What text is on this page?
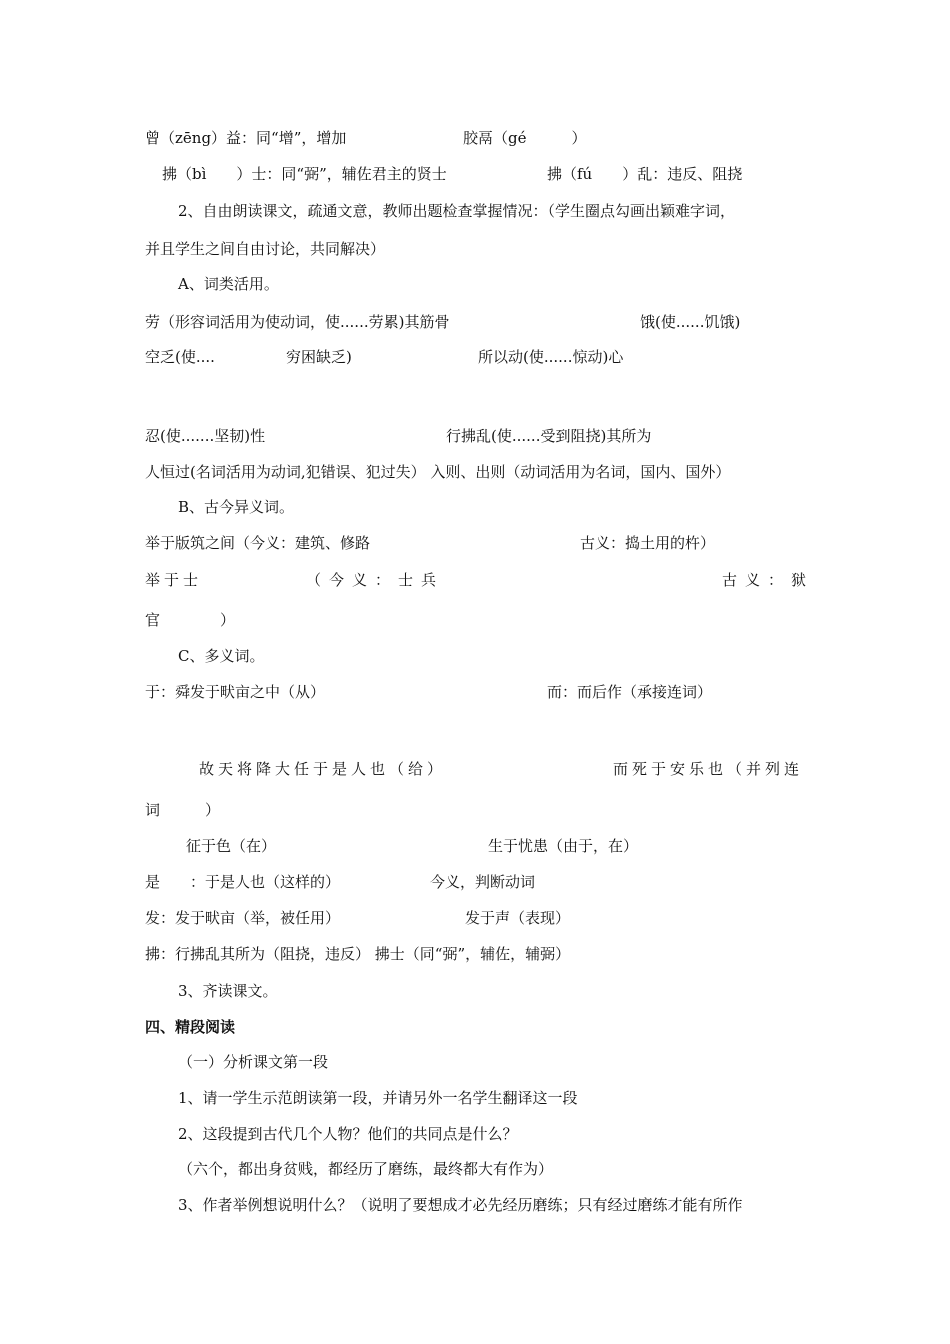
曾（zēng）益：同“增”，增加	胶鬲（gé　　　）
拂（bì　　）士：同“弼”，辅佐君主的贤士	拂（fú　　）乱：违反、阻挠
2、自由朗读课文，疏通文意，教师出题检查掌握情况：（学生圈点勾画出颖难字词，
并且学生之间自由讨论，共同解决）
A、词类活用。
劳（形容词活用为使动词，使......劳累)其筋骨	饿(使......饥饿)
空乏(使....	穷困缺乏)	所以动(使......惊动)心
忍(使.......坚韧)性	行拂乱(使......受到阻挠)其所为
人恒过(名词活用为动词,犯错误、犯过失） 入则、出则（动词活用为名词，国内、国外）
B、古今异义词。
举于版筑之间（今义：建筑、修路	古义：捣土用的杵）
举于士	（今义：士兵	古义：狱
官　　　　）
C、多义词。
于：舜发于畎亩之中（从）	而：而后作（承接连词）
故天将降大任于是人也（给）	而死于安乐也（并列连
词　　　）
征于色（在）	生于忧患（由于，在）
是　　：于是人也（这样的）	今义，判断动词
发：发于畎亩（举，被任用）	发于声（表现）
拂：行拂乱其所为（阻挠，违反） 拂士（同“弼”，辅佐，辅弼）
3、齐读课文。
四、精段阅读
（一）分析课文第一段
1、请一学生示范朗读第一段，并请另外一名学生翻译这一段
2、这段提到古代几个人物？他们的共同点是什么？
（六个，都出身贫贱，都经历了磨练，最终都大有作为）
3、作者举例想说明什么？（说明了要想成才必先经历磨练；只有经过磨练才能有所作
